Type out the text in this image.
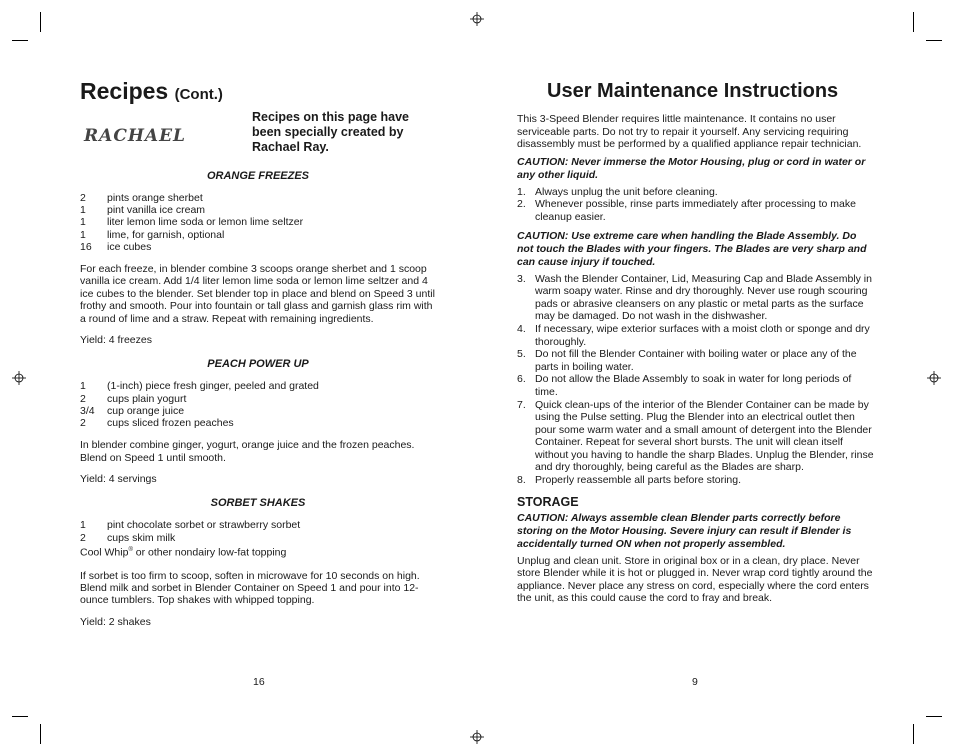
Recipes (Cont.)
RACHAEL
Recipes on this page have been specially created by Rachael Ray.
ORANGE FREEZES
2	pints orange sherbet
1	pint vanilla ice cream
1	liter lemon lime soda or lemon lime seltzer
1	lime, for garnish, optional
16	ice cubes

For each freeze, in blender combine 3 scoops orange sherbet and 1 scoop vanilla ice cream. Add 1/4 liter lemon lime soda or lemon lime seltzer and 4 ice cubes to the blender. Set blender top in place and blend on Speed 3 until frothy and smooth. Pour into fountain or tall glass and garnish glass rim with a round of lime and a straw. Repeat with remaining ingredients.

Yield: 4 freezes

PEACH POWER UP
1	(1-inch) piece fresh ginger, peeled and grated
2	cups plain yogurt
3/4	cup orange juice
2	cups sliced frozen peaches

In blender combine ginger, yogurt, orange juice and the frozen peaches. Blend on Speed 1 until smooth.

Yield: 4 servings

SORBET SHAKES
1	pint chocolate sorbet or strawberry sorbet
2	cups skim milk
Cool Whip® or other nondairy low-fat topping

If sorbet is too firm to scoop, soften in microwave for 10 seconds on high. Blend milk and sorbet in Blender Container on Speed 1 and pour into 12-ounce tumblers. Top shakes with whipped topping.

Yield: 2 shakes

16
User Maintenance Instructions

This 3-Speed Blender requires little maintenance. It contains no user serviceable parts. Do not try to repair it yourself. Any servicing requiring disassembly must be performed by a qualified appliance repair technician.

CAUTION: Never immerse the Motor Housing, plug or cord in water or any other liquid.

1. Always unplug the unit before cleaning.
2. Whenever possible, rinse parts immediately after processing to make cleanup easier.

CAUTION: Use extreme care when handling the Blade Assembly. Do not touch the Blades with your fingers. The Blades are very sharp and can cause injury if touched.

3. Wash the Blender Container, Lid, Measuring Cap and Blade Assembly in warm soapy water. Rinse and dry thoroughly. Never use rough scouring pads or abrasive cleansers on any plastic or metal parts as the surface may be damaged. Do not wash in the dishwasher.
4. If necessary, wipe exterior surfaces with a moist cloth or sponge and dry thoroughly.
5. Do not fill the Blender Container with boiling water or place any of the parts in boiling water.
6. Do not allow the Blade Assembly to soak in water for long periods of time.
7. Quick clean-ups of the interior of the Blender Container can be made by using the Pulse setting. Plug the Blender into an electrical outlet then pour some warm water and a small amount of detergent into the Blender Container. Repeat for several short bursts. The unit will clean itself without you having to handle the sharp Blades. Unplug the Blender, rinse and dry thoroughly, being careful as the Blades are sharp.
8. Properly reassemble all parts before storing.
STORAGE

CAUTION: Always assemble clean Blender parts correctly before storing on the Motor Housing. Severe injury can result if Blender is accidentally turned ON when not properly assembled.

Unplug and clean unit. Store in original box or in a clean, dry place. Never store Blender while it is hot or plugged in. Never wrap cord tightly around the appliance. Never place any stress on cord, especially where the cord enters the unit, as this could cause the cord to fray and break.

9
